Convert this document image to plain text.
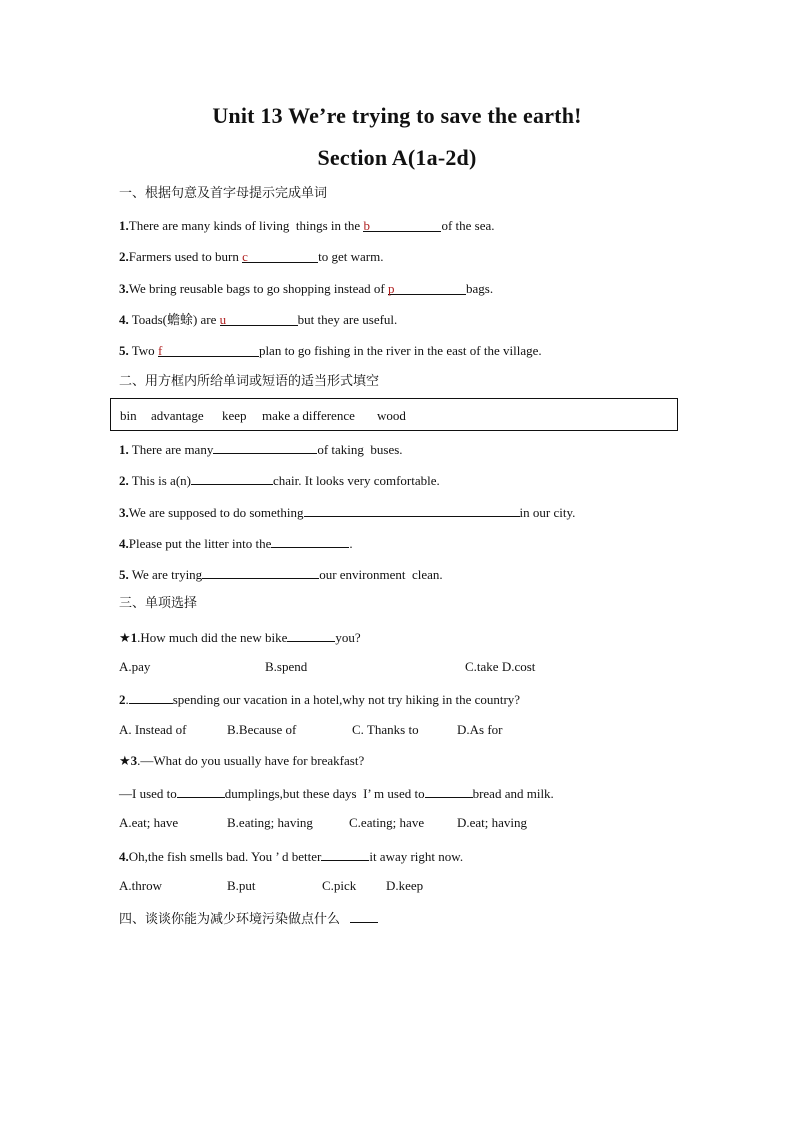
Unit 13 We’re trying to save the earth!
Section A(1a-2d)
一、根据句意及首字母提示完成单词
1.There are many kinds of living  things in the b	of the sea.
2.Farmers used to burn c	to get warm.
3.We bring reusable bags to go shopping instead of p	bags.
4. Toads(蟾蜍) are u	but they are useful.
5. Two f	plan to go fishing in the river in the east of the village.
二、用方框内所给单词或短语的适当形式填空
bin advantage keep make a difference wood
1. There are many	of taking  buses.
2. This is a(n)	chair. It looks very comfortable.
3.We are supposed to do something	in our city.
4.Please put the litter into the	.
5. We are trying	our environment  clean.
三、单项选择
★1.How much did the new bike	you?
A.pay	B.spend	C.take D.cost
2.	spending our vacation in a hotel,why not try hiking in the country?
A. Instead of	B.Because of	C. Thanks to	D.As for
★3.—What do you usually have for breakfast?
—I used to	dumplings,but these days  I’ m used to	bread and milk.
A.eat; have	B.eating; having	C.eating; have	D.eat; having
4.Oh,the fish smells bad. You ’ d better	it away right now.
A.throw	B.put	C.pick D.keep
四、谈谈你能为减少环境污染做点什么
